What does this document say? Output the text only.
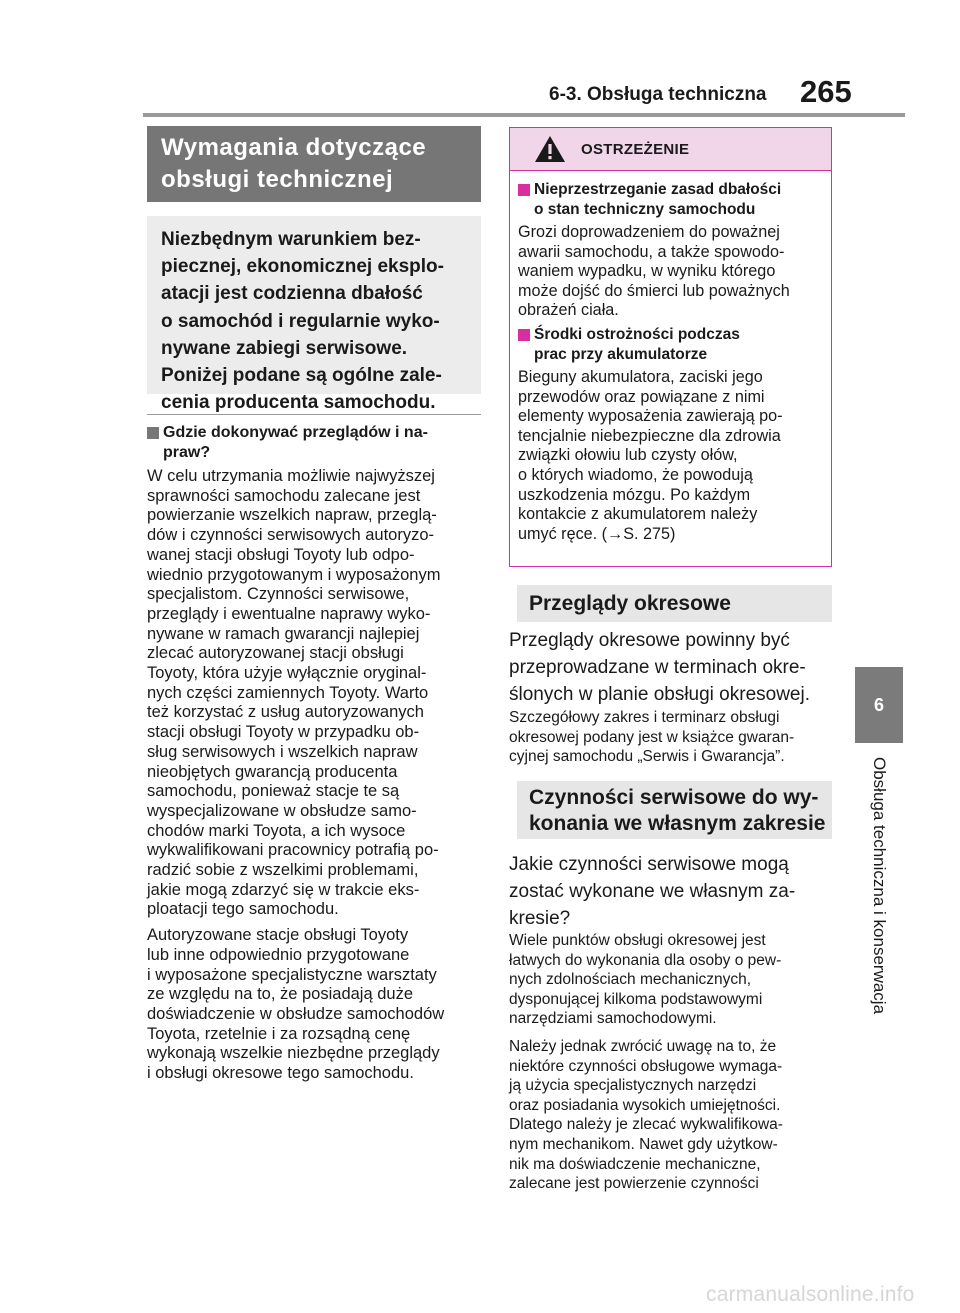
6-3. Obsługa techniczna 265
6
Obsługa techniczna i konserwacja
Wymagania dotyczące
obsługi technicznej
Niezbędnym warunkiem bez-
piecznej, ekonomicznej eksplo-
atacji jest codzienna dbałość
o samochód i regularnie wyko-
nywane zabiegi serwisowe.
Poniżej podane są ogólne zale-
cenia producenta samochodu.
Gdzie dokonywać przeglądów i na-
praw?
W celu utrzymania możliwie najwyższej
sprawności samochodu zalecane jest
powierzanie wszelkich napraw, przeglą-
dów i czynności serwisowych autoryzo-
wanej stacji obsługi Toyoty lub odpo-
wiednio przygotowanym i wyposażonym
specjalistom. Czynności serwisowe,
przeglądy i ewentualne naprawy wyko-
nywane w ramach gwarancji najlepiej
zlecać autoryzowanej stacji obsługi
Toyoty, która użyje wyłącznie oryginal-
nych części zamiennych Toyoty. Warto
też korzystać z usług autoryzowanych
stacji obsługi Toyoty w przypadku ob-
sług serwisowych i wszelkich napraw
nieobjętych gwarancją producenta
samochodu, ponieważ stacje te są
wyspecjalizowane w obsłudze samo-
chodów marki Toyota, a ich wysoce
wykwalifikowani pracownicy potrafią po-
radzić sobie z wszelkimi problemami,
jakie mogą zdarzyć się w trakcie eks-
ploatacji tego samochodu.
Autoryzowane stacje obsługi Toyoty
lub inne odpowiednio przygotowane
i wyposażone specjalistyczne warsztaty
ze względu na to, że posiadają duże
doświadczenie w obsłudze samochodów
Toyota, rzetelnie i za rozsądną cenę
wykonają wszelkie niezbędne przeglądy
i obsługi okresowe tego samochodu.
OSTRZEŻENIE
Nieprzestrzeganie zasad dbałości
o stan techniczny samochodu
Grozi doprowadzeniem do poważnej
awarii samochodu, a także spowodo-
waniem wypadku, w wyniku którego
może dojść do śmierci lub poważnych
obrażeń ciała.
Środki ostrożności podczas
prac przy akumulatorze
Bieguny akumulatora, zaciski jego
przewodów oraz powiązane z nimi
elementy wyposażenia zawierają po-
tencjalnie niebezpieczne dla zdrowia
związki ołowiu lub czysty ołów,
o których wiadomo, że powodują
uszkodzenia mózgu. Po każdym
kontakcie z akumulatorem należy
umyć ręce. (→S. 275)
Przeglądy okresowe
Przeglądy okresowe powinny być
przeprowadzane w terminach okre-
ślonych w planie obsługi okresowej.
Szczegółowy zakres i terminarz obsługi
okresowej podany jest w książce gwaran-
cyjnej samochodu „Serwis i Gwarancja”.
Czynności serwisowe do wy-
konania we własnym zakresie
Jakie czynności serwisowe mogą
zostać wykonane we własnym za-
kresie?
Wiele punktów obsługi okresowej jest
łatwych do wykonania dla osoby o pew-
nych zdolnościach mechanicznych,
dysponującej kilkoma podstawowymi
narzędziami samochodowymi.
Należy jednak zwrócić uwagę na to, że
niektóre czynności obsługowe wymaga-
ją użycia specjalistycznych narzędzi
oraz posiadania wysokich umiejętności.
Dlatego należy je zlecać wykwalifikowa-
nym mechanikom. Nawet gdy użytkow-
nik ma doświadczenie mechaniczne,
zalecane jest powierzenie czynności
carmanualsonline.info
